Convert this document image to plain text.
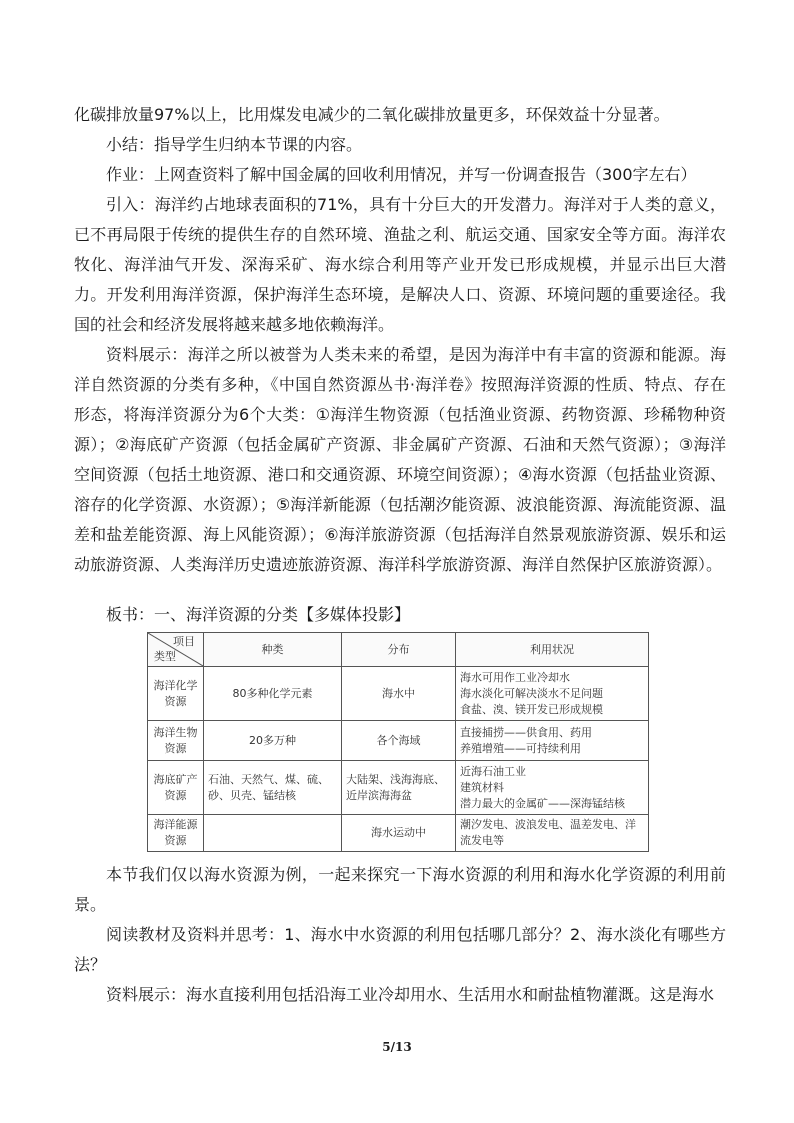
化碳排放量97%以上，比用煤发电减少的二氧化碳排放量更多，环保效益十分显著。

小结：指导学生归纳本节课的内容。

作业：上网查资料了解中国金属的回收利用情况，并写一份调查报告（300字左右）

引入：海洋约占地球表面积的71%，具有十分巨大的开发潜力。海洋对于人类的意义，已不再局限于传统的提供生存的自然环境、渔盐之利、航运交通、国家安全等方面。海洋农牧化、海洋油气开发、深海采矿、海水综合利用等产业开发已形成规模，并显示出巨大潜力。开发利用海洋资源，保护海洋生态环境，是解决人口、资源、环境问题的重要途径。我国的社会和经济发展将越来越多地依赖海洋。

资料展示：海洋之所以被誉为人类未来的希望，是因为海洋中有丰富的资源和能源。海洋自然资源的分类有多种，《中国自然资源丛书·海洋卷》按照海洋资源的性质、特点、存在形态，将海洋资源分为6个大类：①海洋生物资源（包括渔业资源、药物资源、珍稀物种资源）；②海底矿产资源（包括金属矿产资源、非金属矿产资源、石油和天然气资源）；③海洋空间资源（包括土地资源、港口和交通资源、环境空间资源）；④海水资源（包括盐业资源、溶存的化学资源、水资源）；⑤海洋新能源（包括潮汐能资源、波浪能资源、海流能资源、温差和盐差能资源、海上风能资源）；⑥海洋旅游资源（包括海洋自然景观旅游资源、娱乐和运动旅游资源、人类海洋历史遗迹旅游资源、海洋科学旅游资源、海洋自然保护区旅游资源）。

板书：一、海洋资源的分类【多媒体投影】

项目
类型	种类	分布	利用状况
海洋化学资源	80多种化学元素	海水中	海水可用作工业冷却水
海水淡化可解决淡水不足问题
食盐、溴、镁开发已形成规模

海洋生物资源	20多万种	各个海域	直接捕捞——供食用、药用
养殖增殖——可持续利用

海底矿产资源	石油、天然气、煤、硫、砂、贝壳、锰结核	大陆架、浅海海底、近岸滨海海盆	近海石油工业
建筑材料
潜力最大的金属矿——深海锰结核

海洋能源资源		海水运动中	潮汐发电、波浪发电、温差发电、洋流发电等

本节我们仅以海水资源为例，一起来探究一下海水资源的利用和海水化学资源的利用前景。

阅读教材及资料并思考：1、海水中水资源的利用包括哪几部分？2、海水淡化有哪些方法？

资料展示：海水直接利用包括沿海工业冷却用水、生活用水和耐盐植物灌溉。这是海水

5/13
